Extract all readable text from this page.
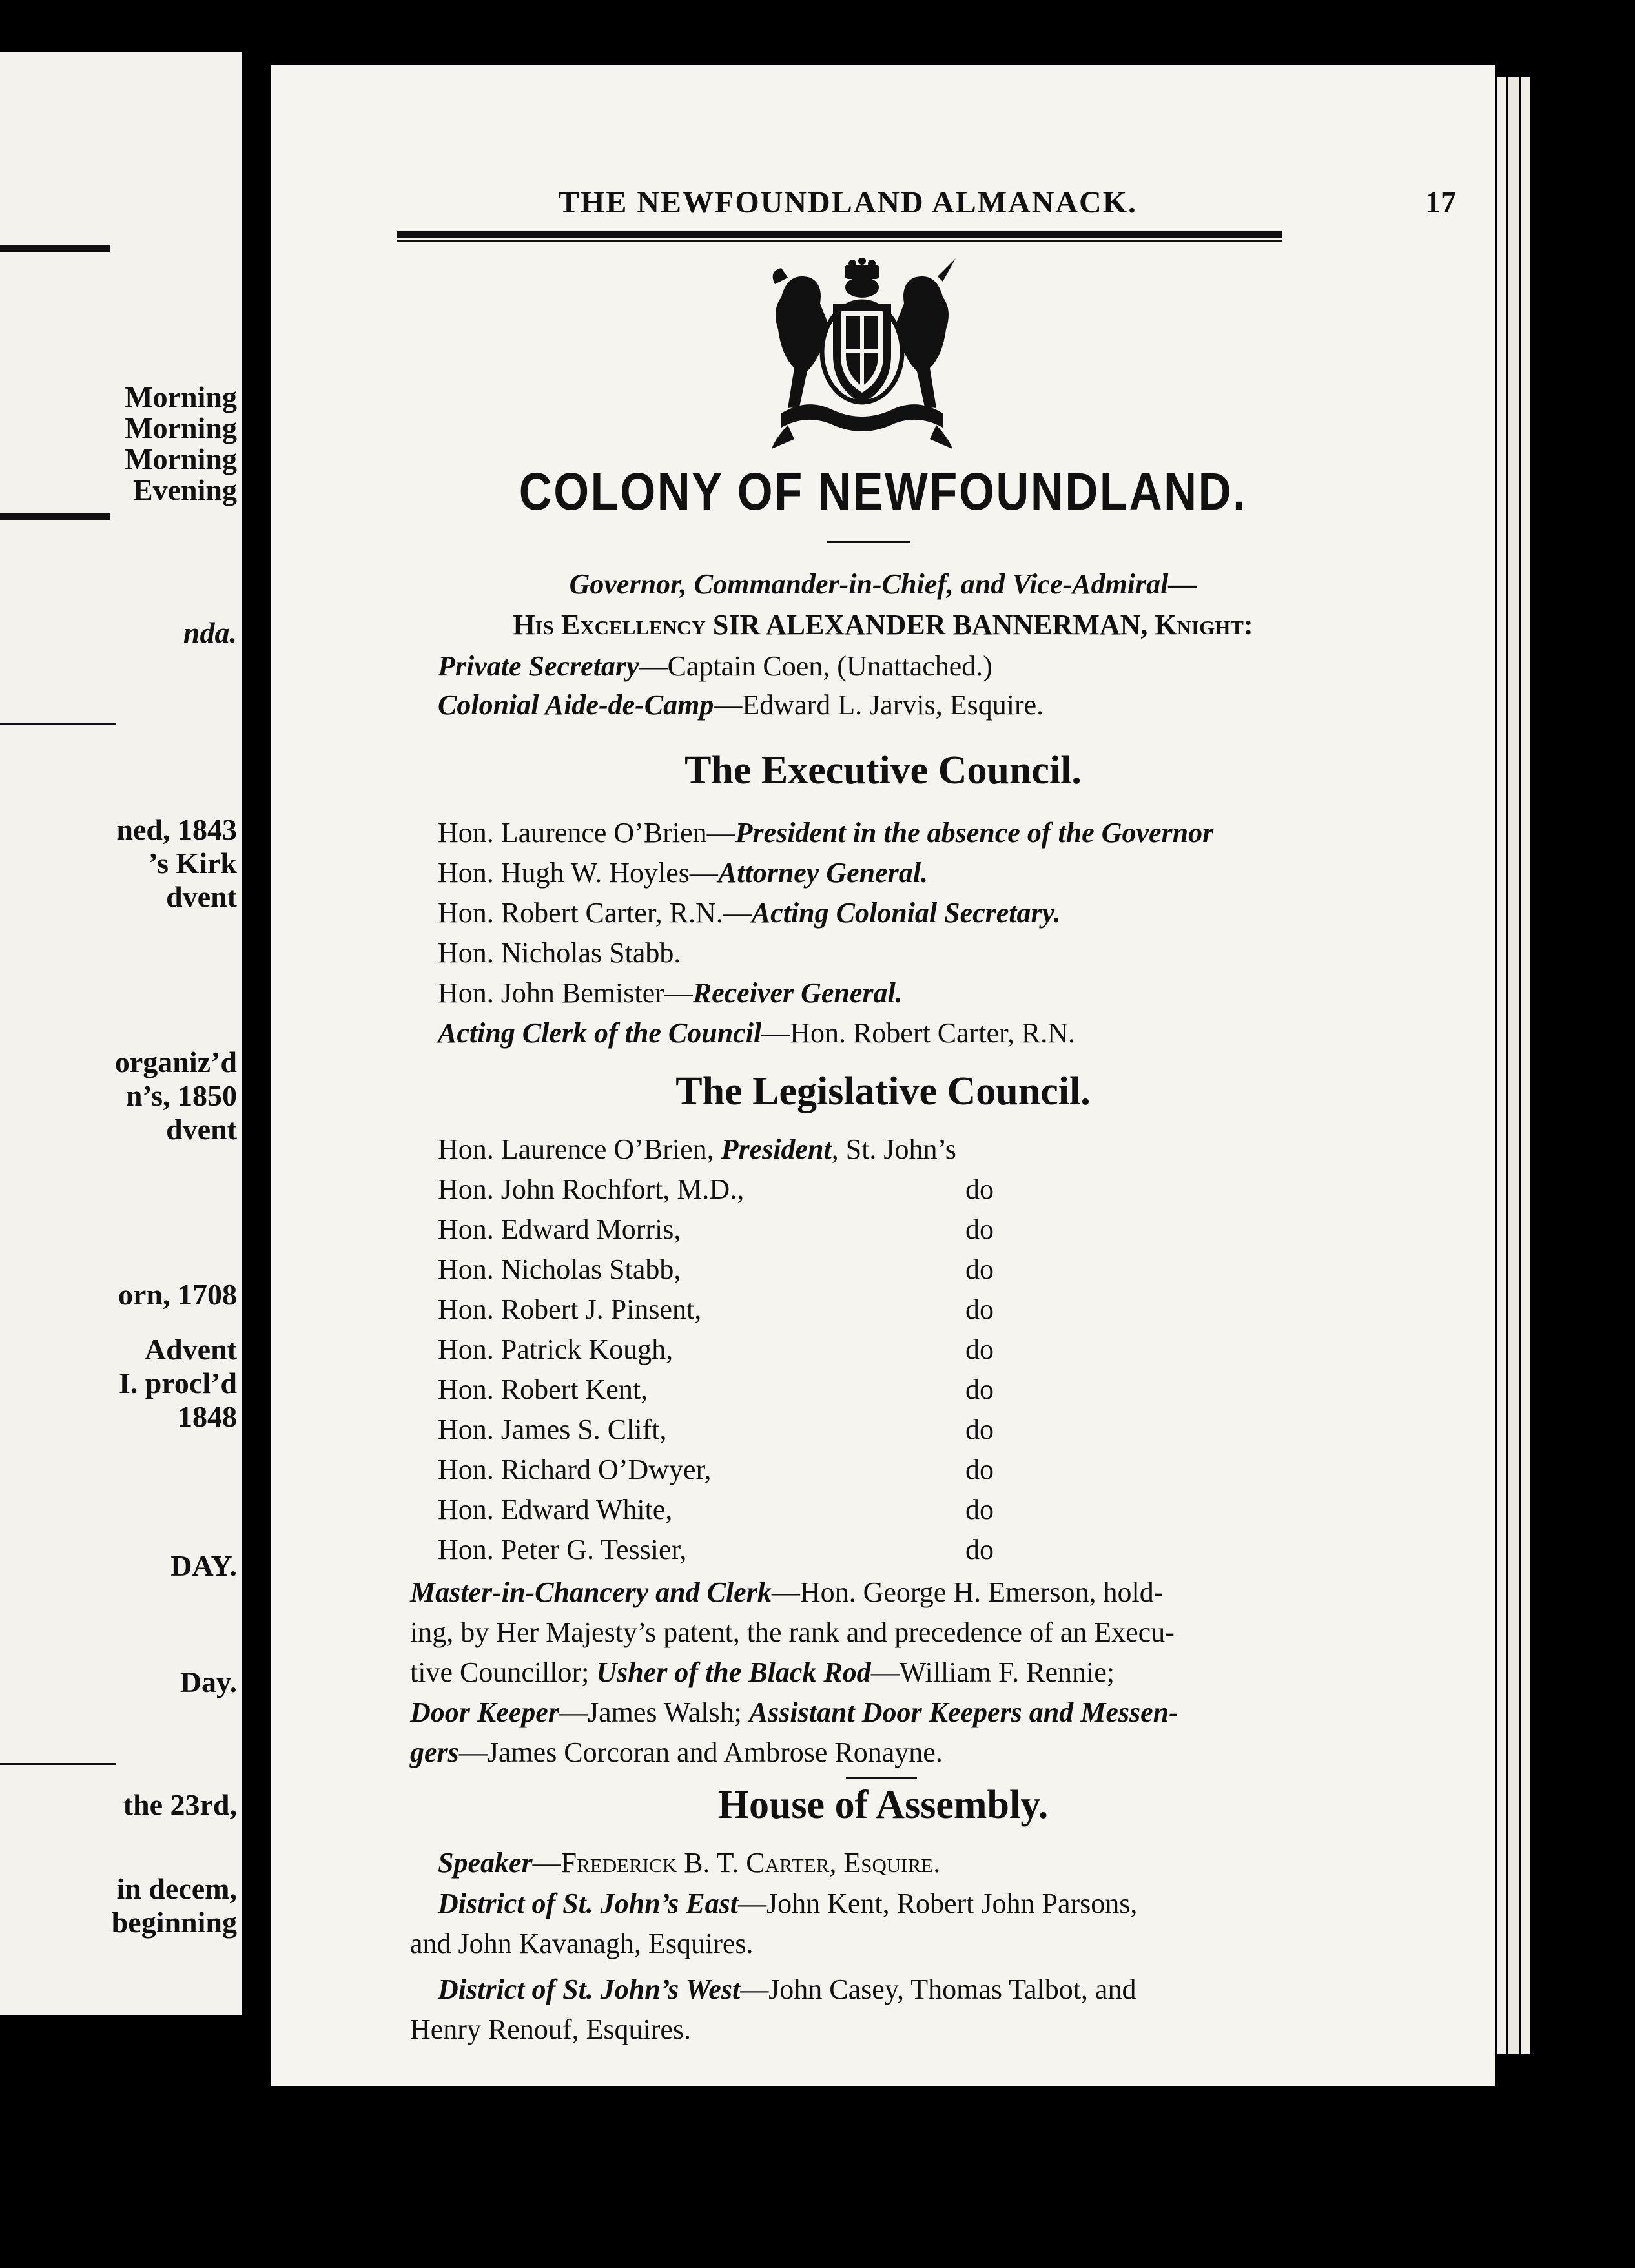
Morning
Morning
Morning
Evening
nda.
ned, 1843
’s Kirk
dvent
organiz’d
n’s, 1850
dvent
orn, 1708
Advent
I. procl’d
1848
DAY.
Day.
the 23rd,
in decem,
beginning
THE NEWFOUNDLAND ALMANACK.	17
COLONY OF NEWFOUNDLAND.
Governor, Commander-in-Chief, and Vice-Admiral—
His Excellency SIR ALEXANDER BANNERMAN, Knight:
Private Secretary—Captain Coen, (Unattached.)
Colonial Aide-de-Camp—Edward L. Jarvis, Esquire.
The Executive Council.
Hon. Laurence O’Brien—President in the absence of the Governor
Hon. Hugh W. Hoyles—Attorney General.
Hon. Robert Carter, R.N.—Acting Colonial Secretary.
Hon. Nicholas Stabb.
Hon. John Bemister—Receiver General.
Acting Clerk of the Council—Hon. Robert Carter, R.N.
The Legislative Council.
Hon. Laurence O’Brien, President, St. John’s
Hon. John Rochfort, M.D.,	do
Hon. Edward Morris,	do
Hon. Nicholas Stabb,	do
Hon. Robert J. Pinsent,	do
Hon. Patrick Kough,	do
Hon. Robert Kent,	do
Hon. James S. Clift,	do
Hon. Richard O’Dwyer,	do
Hon. Edward White,	do
Hon. Peter G. Tessier,	do
Master-in-Chancery and Clerk—Hon. George H. Emerson, hold-
ing, by Her Majesty’s patent, the rank and precedence of an Execu-
tive Councillor; Usher of the Black Rod—William F. Rennie;
Door Keeper—James Walsh; Assistant Door Keepers and Messen-
gers—James Corcoran and Ambrose Ronayne.
House of Assembly.
Speaker—Frederick B. T. Carter, Esquire.
District of St. John’s East—John Kent, Robert John Parsons,
and John Kavanagh, Esquires.
District of St. John’s West—John Casey, Thomas Talbot, and
Henry Renouf, Esquires.
